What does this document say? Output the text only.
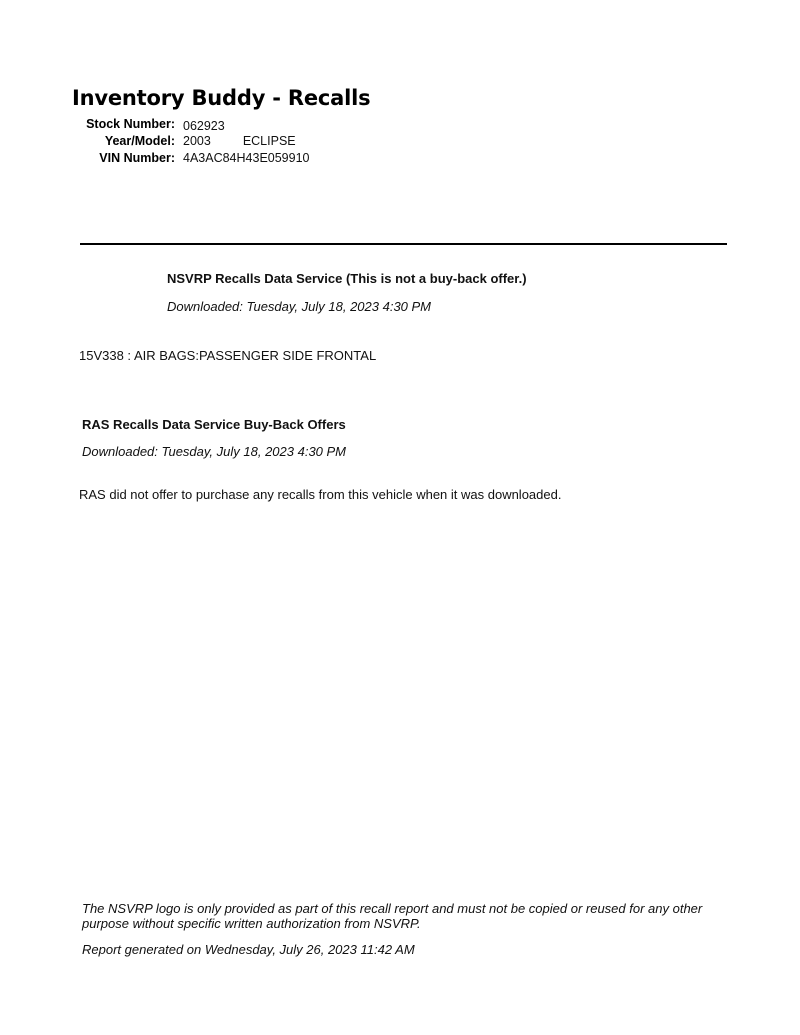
Inventory Buddy - Recalls
Stock Number: 062923
Year/Model: 2003	ECLIPSE
VIN Number: 4A3AC84H43E059910
NSVRP Recalls Data Service (This is not a buy-back offer.)
Downloaded: Tuesday, July 18, 2023 4:30 PM
15V338 : AIR BAGS:PASSENGER SIDE FRONTAL
RAS Recalls Data Service Buy-Back Offers
Downloaded: Tuesday, July 18, 2023 4:30 PM
RAS did not offer to purchase any recalls from this vehicle when it was downloaded.
The NSVRP logo is only provided as part of this recall report and must not be copied or reused for any other purpose without specific written authorization from NSVRP.
Report generated on Wednesday, July 26, 2023 11:42 AM
